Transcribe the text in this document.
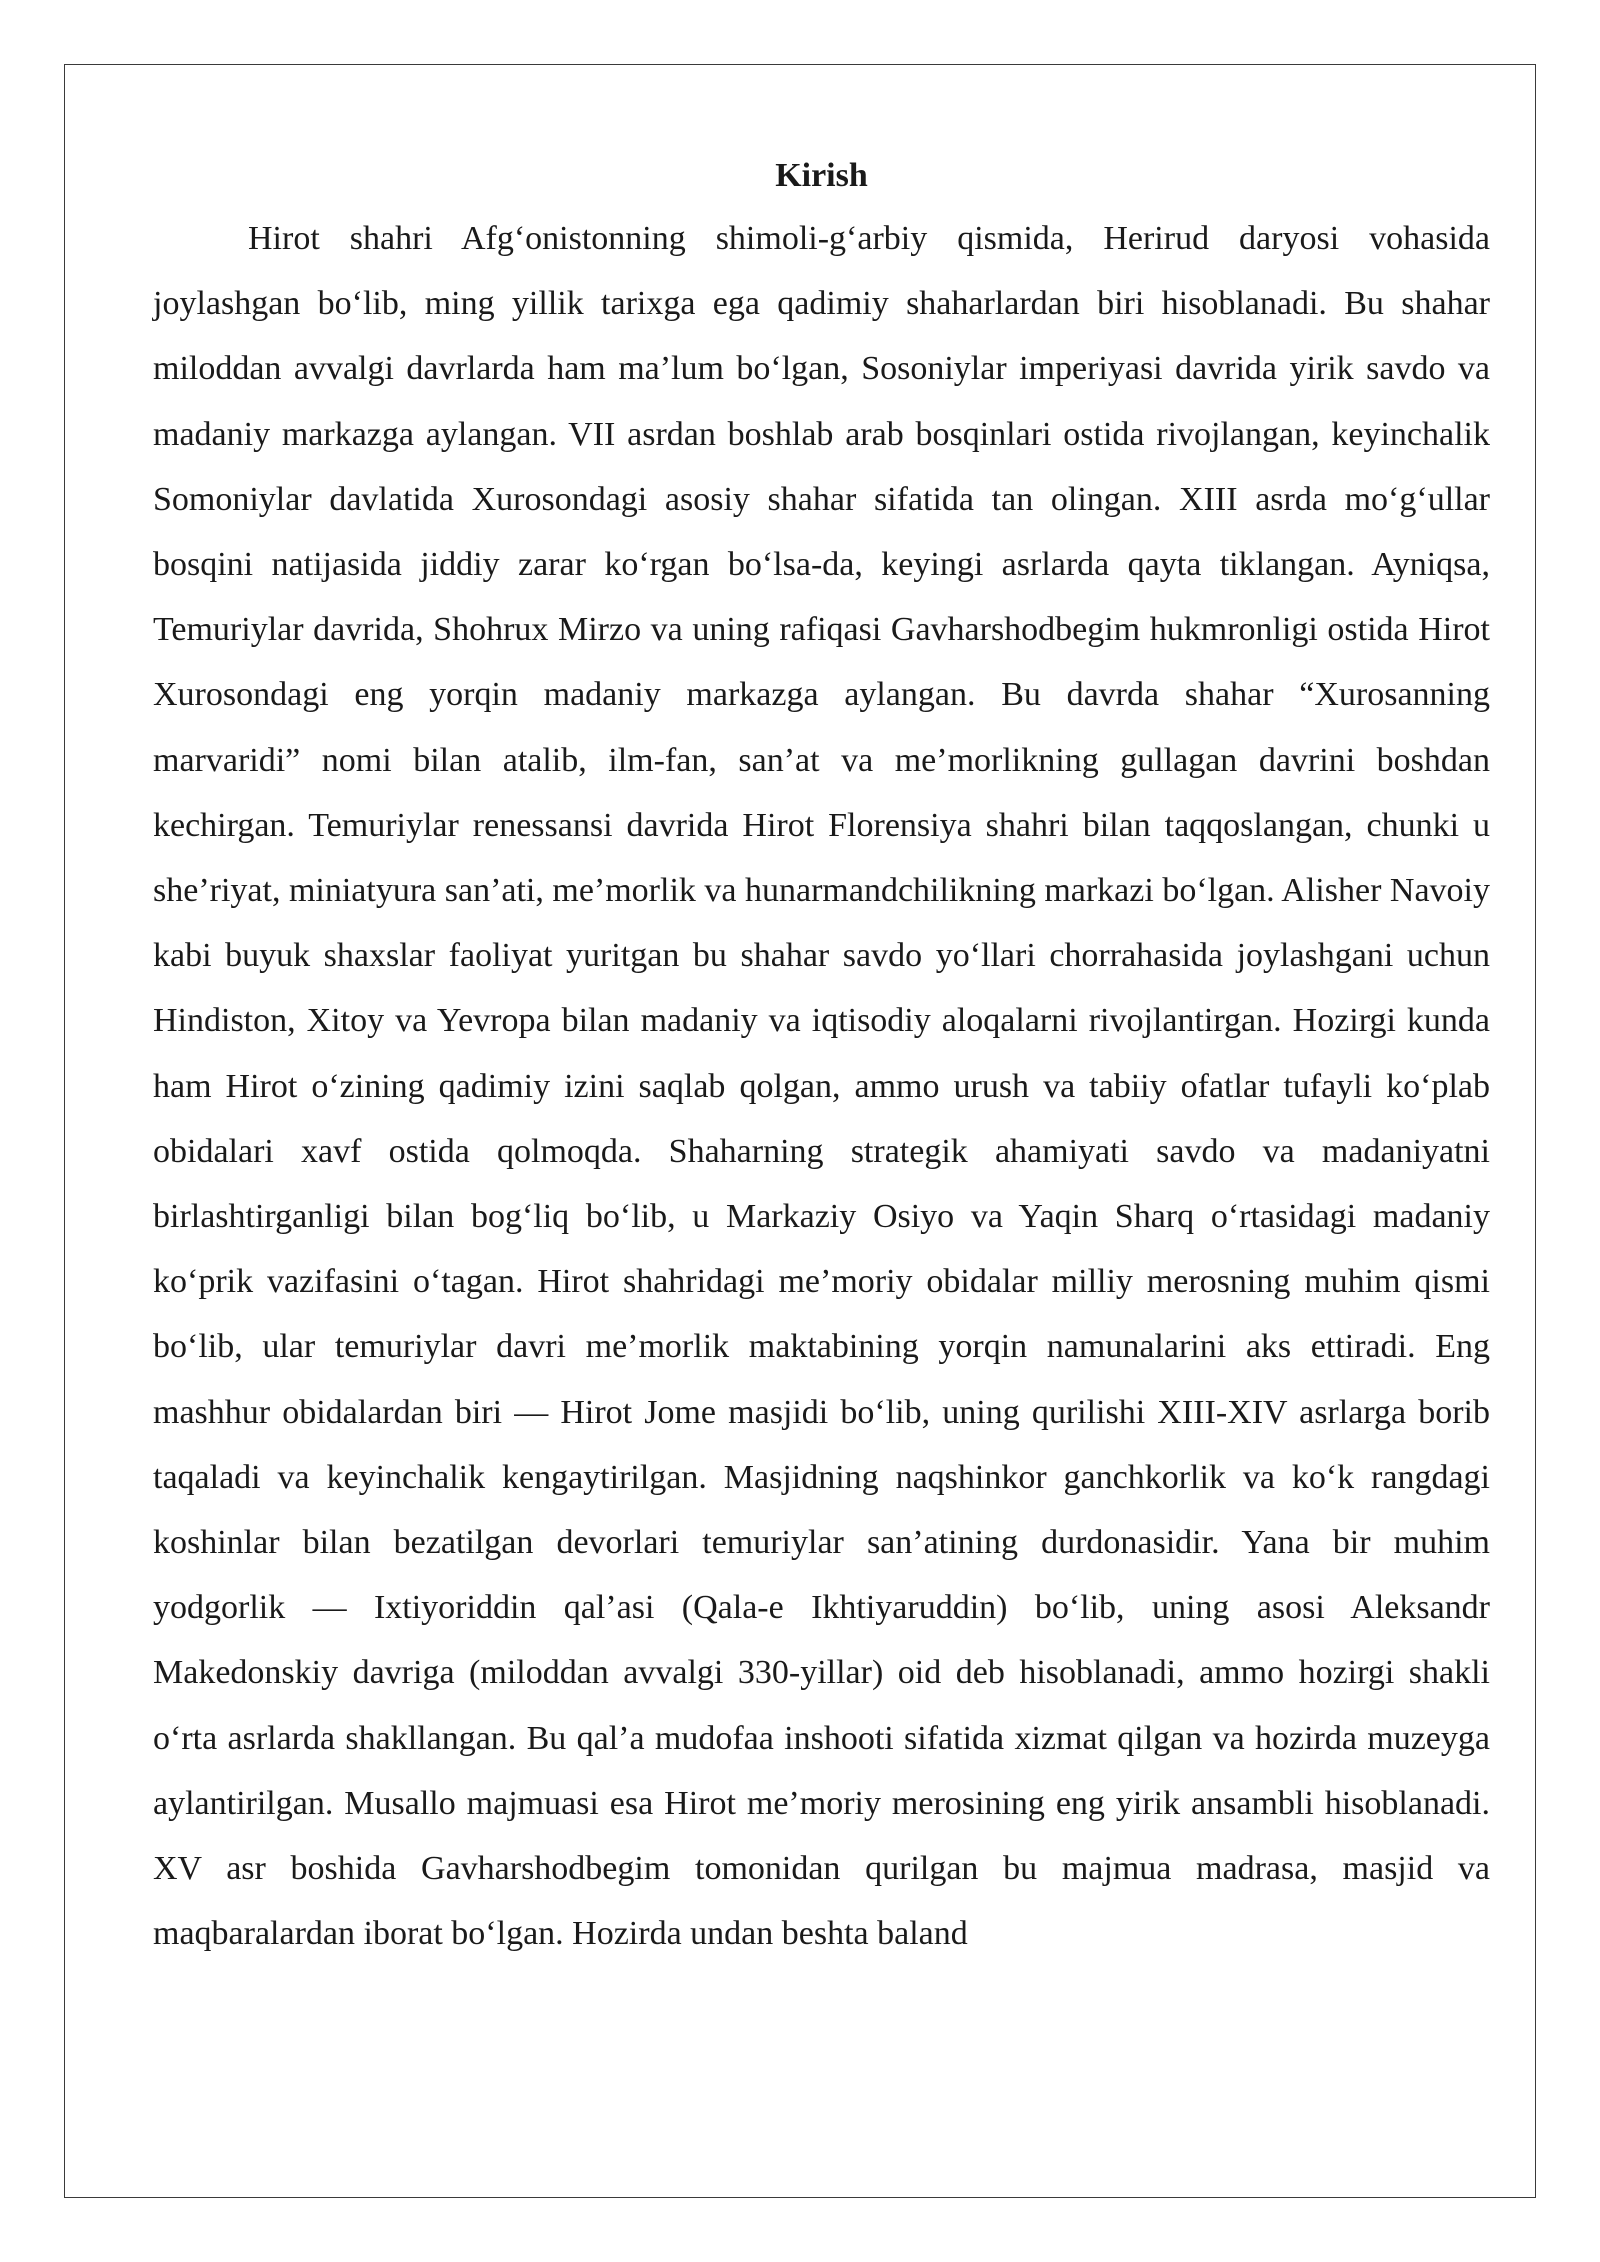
Kirish

Hirot shahri Afg‘onistonning shimoli-g‘arbiy qismida, Herirud daryosi vohasida joylashgan bo‘lib, ming yillik tarixga ega qadimiy shaharlardan biri hisoblanadi. Bu shahar miloddan avvalgi davrlarda ham ma’lum bo‘lgan, Sosoniylar imperiyasi davrida yirik savdo va madaniy markazga aylangan. VII asrdan boshlab arab bosqinlari ostida rivojlangan, keyinchalik Somoniylar davlatida Xurosondagi asosiy shahar sifatida tan olingan. XIII asrda mo‘g‘ullar bosqini natijasida jiddiy zarar ko‘rgan bo‘lsa-da, keyingi asrlarda qayta tiklangan. Ayniqsa, Temuriylar davrida, Shohrux Mirzo va uning rafiqasi Gavharshodbegim hukmronligi ostida Hirot Xurosondagi eng yorqin madaniy markazga aylangan. Bu davrda shahar “Xurosanning marvaridi” nomi bilan atalib, ilm-fan, san’at va me’morlikning gullagan davrini boshdan kechirgan. Temuriylar renessansi davrida Hirot Florensiya shahri bilan taqqoslangan, chunki u she’riyat, miniatyura san’ati, me’morlik va hunarmandchilikning markazi bo‘lgan. Alisher Navoiy kabi buyuk shaxslar faoliyat yuritgan bu shahar savdo yo‘llari chorrahasida joylashgani uchun Hindiston, Xitoy va Yevropa bilan madaniy va iqtisodiy aloqalarni rivojlantirgan. Hozirgi kunda ham Hirot o‘zining qadimiy izini saqlab qolgan, ammo urush va tabiiy ofatlar tufayli ko‘plab obidalari xavf ostida qolmoqda. Shaharning strategik ahamiyati savdo va madaniyatni birlashtirganligi bilan bog‘liq bo‘lib, u Markaziy Osiyo va Yaqin Sharq o‘rtasidagi madaniy ko‘prik vazifasini o‘tagan. Hirot shahridagi me’moriy obidalar milliy merosning muhim qismi bo‘lib, ular temuriylar davri me’morlik maktabining yorqin namunalarini aks ettiradi. Eng mashhur obidalardan biri — Hirot Jome masjidi bo‘lib, uning qurilishi XIII-XIV asrlarga borib taqaladi va keyinchalik kengaytirilgan. Masjidning naqshinkor ganchkorlik va ko‘k rangdagi koshinlar bilan bezatilgan devorlari temuriylar san’atining durdonasidir. Yana bir muhim yodgorlik — Ixtiyoriddin qal’asi (Qala-e Ikhtiyaruddin) bo‘lib, uning asosi Aleksandr Makedonskiy davriga (miloddan avvalgi 330-yillar) oid deb hisoblanadi, ammo hozirgi shakli o‘rta asrlarda shakllangan. Bu qal’a mudofaa inshooti sifatida xizmat qilgan va hozirda muzeyga aylantirilgan. Musallo majmuasi esa Hirot me’moriy merosining eng yirik ansambli hisoblanadi. XV asr boshida Gavharshodbegim tomonidan qurilgan bu majmua madrasa, masjid va maqbaralardan iborat bo‘lgan. Hozirda undan beshta baland
